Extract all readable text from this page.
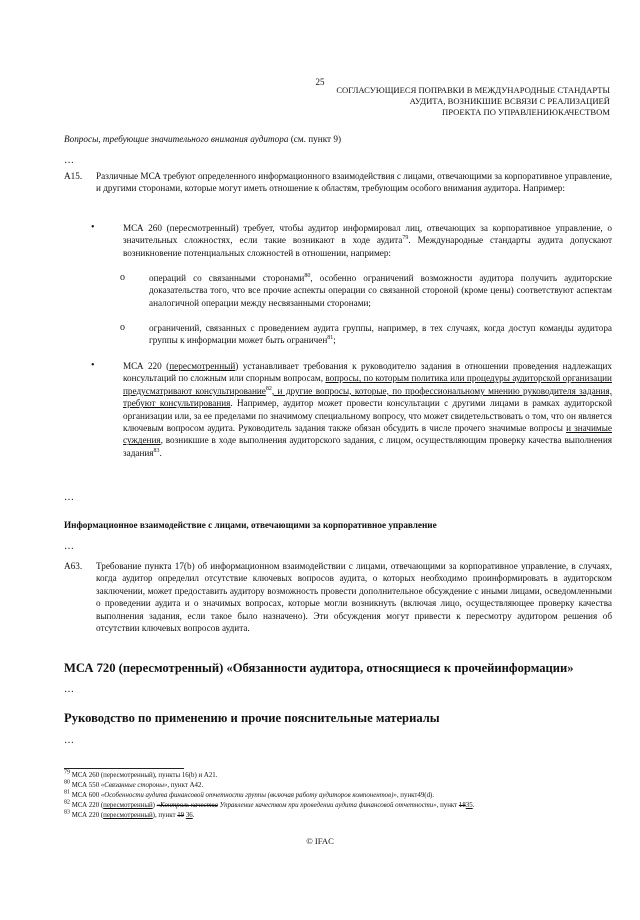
25
СОГЛАСУЮЩИЕСЯ ПОПРАВКИ В МЕЖДУНАРОДНЫЕ СТАНДАРТЫ
АУДИТА, ВОЗНИКШИЕ ВСВЯЗИ С РЕАЛИЗАЦИЕЙ
ПРОЕКТА ПО УПРАВЛЕНИЮКАЧЕСТВОМ
Вопросы, требующие значительного внимания аудитора (см. пункт 9)
…
A15. Различные МСА требуют определенного информационного взаимодействия с лицами, отвечающими за корпоративное управление, и другими сторонами, которые могут иметь отношение к областям, требующим особого внимания аудитора. Например:
•	МСА 260 (пересмотренный) требует, чтобы аудитор информировал лиц, отвечающих за корпоративное управление, о значительных сложностях, если такие возникают в ходе аудита$^{79}$. Международные стандарты аудита допускают возникновение потенциальных сложностей в отношении, например:
o	операций со связанными сторонами$^{80}$, особенно ограничений возможности аудитора получить аудиторские доказательства того, что все прочие аспекты операции со связанной стороной (кроме цены) соответствуют аспектам аналогичной операции между несвязанными сторонами;
o	ограничений, связанных с проведением аудита группы, например, в тех случаях, когда доступ команды аудитора группы к информации может быть ограничен$^{81}$;
•	МСА 220 (пересмотренный) устанавливает требования к руководителю задания в отношении проведения надлежащих консультаций по сложным или спорным вопросам, вопросы, по которым политика или процедуры аудиторской организации предусматривают консультирование$^{82}$, и другие вопросы, которые, по профессиональному мнению руководителя задания, требуют консультирования. Например, аудитор может провести консультации с другими лицами в рамках аудиторской организации или, за ее пределами по значимому специальному вопросу, что может свидетельствовать о том, что он является ключевым вопросом аудита. Руководитель задания также обязан обсудить в числе прочего значимые вопросы и значимые суждения, возникшие в ходе выполнения аудиторского задания, с лицом, осуществляющим проверку качества выполнения задания$^{83}$.
…
Информационное взаимодействие с лицами, отвечающими за корпоративное управление
…
A63. Требование пункта 17(b) об информационном взаимодействии с лицами, отвечающими за корпоративное управление, в случаях, когда аудитор определил отсутствие ключевых вопросов аудита, о которых необходимо проинформировать в аудиторском заключении, может предоставить аудитору возможность провести дополнительное обсуждение с иными лицами, осведомленными о проведении аудита и о значимых вопросах, которые могли возникнуть (включая лицо, осуществляющее проверку качества выполнения задания, если такое было назначено). Эти обсуждения могут привести к пересмотру аудитором решения об отсутствии ключевых вопросов аудита.
МСА 720 (пересмотренный) «Обязанности аудитора, относящиеся к прочейинформации»
…
Руководство по применению и прочие пояснительные материалы
…
$^{79}$ МСА 260 (пересмотренный), пункты 16(b) и A21.
$^{80}$ МСА 550 «Связанные стороны», пункт A42.
$^{81}$ МСА 600 «Особенности аудита финансовой отчетности группы (включая работу аудиторов компонентов)», пункт49(d).
$^{82}$ МСА 220 (пересмотренный) «Контроль качества Управление качеством при проведении аудита финансовой отчетности», пункт 1835.
$^{83}$ МСА 220 (пересмотренный), пункт 19 36.
© IFAC
